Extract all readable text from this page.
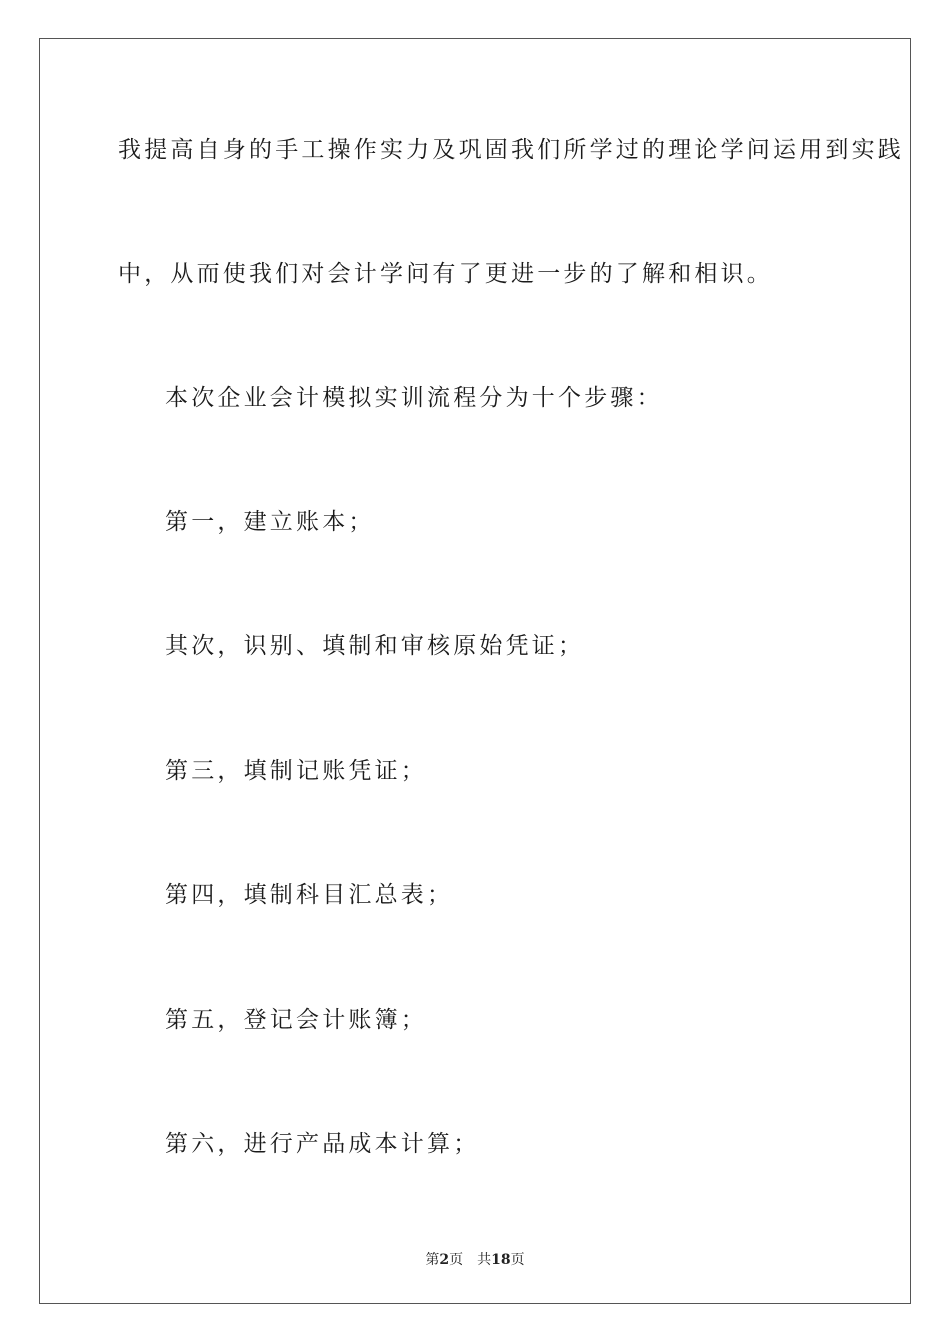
我提高自身的手工操作实力及巩固我们所学过的理论学问运用到实践
中，从而使我们对会计学问有了更进一步的了解和相识。
本次企业会计模拟实训流程分为十个步骤：
第一，建立账本；
其次，识别、填制和审核原始凭证；
第三，填制记账凭证；
第四，填制科目汇总表；
第五，登记会计账簿；
第六，进行产品成本计算；
第2页 共18页
